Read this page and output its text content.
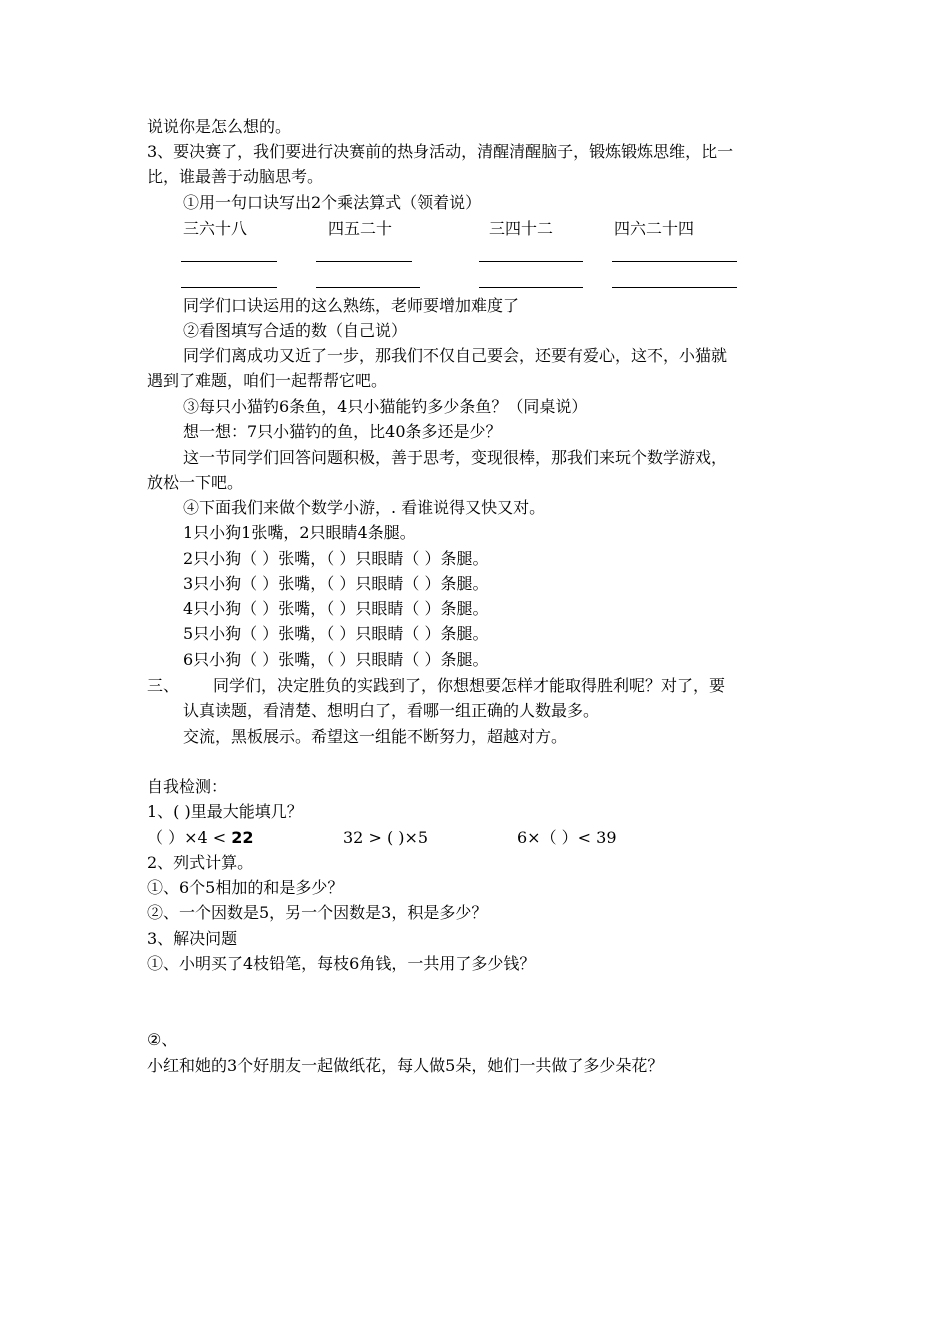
说说你是怎么想的。
3、要决赛了，我们要进行决赛前的热身活动，清醒清醒脑子，锻炼锻炼思维，比一
比，谁最善于动脑思考。
①用一句口诀写出2个乘法算式（领着说）
三六十八	四五二十	三四十二	四六二十四
同学们口诀运用的这么熟练，老师要增加难度了
②看图填写合适的数（自己说）
同学们离成功又近了一步，那我们不仅自己要会，还要有爱心，这不，小猫就
遇到了难题，咱们一起帮帮它吧。
③每只小猫钓6条鱼，4只小猫能钓多少条鱼？（同桌说）
想一想：7只小猫钓的鱼，比40条多还是少？
这一节同学们回答问题积极，善于思考，变现很棒，那我们来玩个数学游戏，
放松一下吧。
④下面我们来做个数学小游，. 看谁说得又快又对。
1只小狗1张嘴，2只眼睛4条腿。
2只小狗（ ）张嘴，（ ）只眼睛（ ）条腿。
3只小狗（ ）张嘴，（ ）只眼睛（ ）条腿。
4只小狗（ ）张嘴，（ ）只眼睛（ ）条腿。
5只小狗（ ）张嘴，（ ）只眼睛（ ）条腿。
6只小狗（ ）张嘴，（ ）只眼睛（ ）条腿。
三、 同学们，决定胜负的实践到了，你想想要怎样才能取得胜利呢？对了，要
认真读题，看清楚、想明白了，看哪一组正确的人数最多。
交流，黑板展示。希望这一组能不断努力，超越对方。
自我检测：
1、( )里最大能填几？
（ ）×4 < 22	32 > ( )×5	6×（ ）< 39
2、列式计算。
①、6个5相加的和是多少？
②、一个因数是5，另一个因数是3，积是多少？
3、解决问题
①、小明买了4枝铅笔，每枝6角钱，一共用了多少钱？
②、
小红和她的3个好朋友一起做纸花，每人做5朵，她们一共做了多少朵花？
